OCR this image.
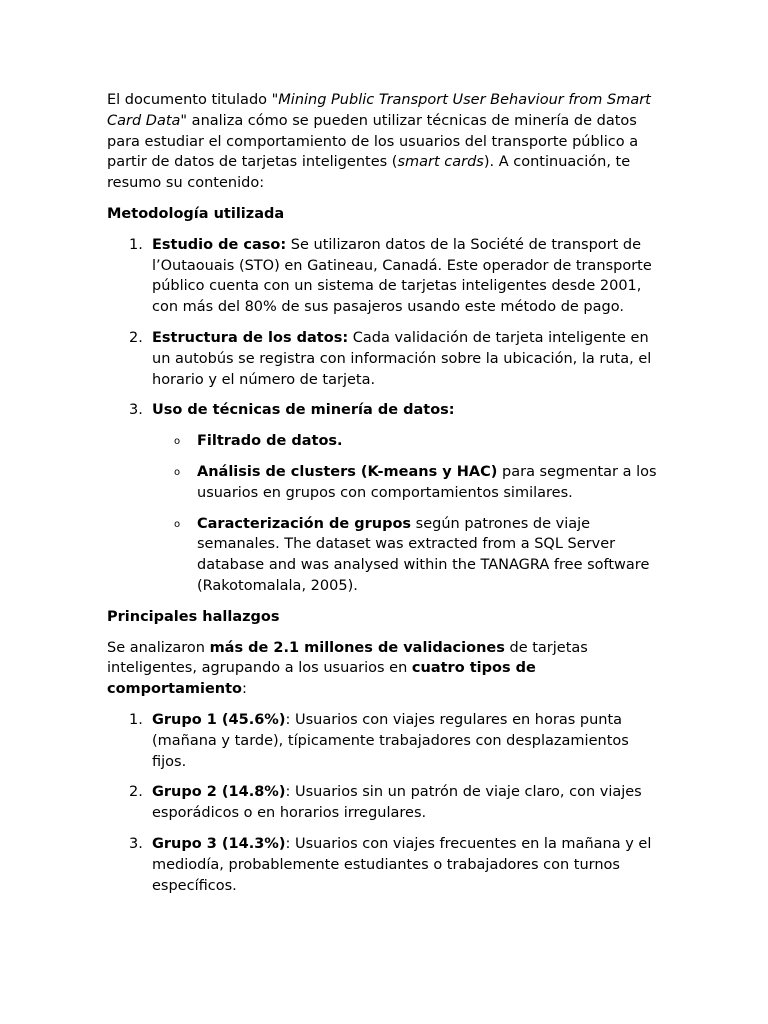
El documento titulado "Mining Public Transport User Behaviour from Smart Card Data" analiza cómo se pueden utilizar técnicas de minería de datos para estudiar el comportamiento de los usuarios del transporte público a partir de datos de tarjetas inteligentes (smart cards). A continuación, te resumo su contenido:

Metodología utilizada

1. Estudio de caso: Se utilizaron datos de la Société de transport de l’Outaouais (STO) en Gatineau, Canadá. Este operador de transporte público cuenta con un sistema de tarjetas inteligentes desde 2001, con más del 80% de sus pasajeros usando este método de pago.
2. Estructura de los datos: Cada validación de tarjeta inteligente en un autobús se registra con información sobre la ubicación, la ruta, el horario y el número de tarjeta.
3. Uso de técnicas de minería de datos:
o Filtrado de datos.
o Análisis de clusters (K-means y HAC) para segmentar a los usuarios en grupos con comportamientos similares.
o Caracterización de grupos según patrones de viaje semanales. The dataset was extracted from a SQL Server database and was analysed within the TANAGRA free software (Rakotomalala, 2005).

Principales hallazgos

Se analizaron más de 2.1 millones de validaciones de tarjetas inteligentes, agrupando a los usuarios en cuatro tipos de comportamiento:

1. Grupo 1 (45.6%): Usuarios con viajes regulares en horas punta (mañana y tarde), típicamente trabajadores con desplazamientos fijos.
2. Grupo 2 (14.8%): Usuarios sin un patrón de viaje claro, con viajes esporádicos o en horarios irregulares.
3. Grupo 3 (14.3%): Usuarios con viajes frecuentes en la mañana y el mediodía, probablemente estudiantes o trabajadores con turnos específicos.
